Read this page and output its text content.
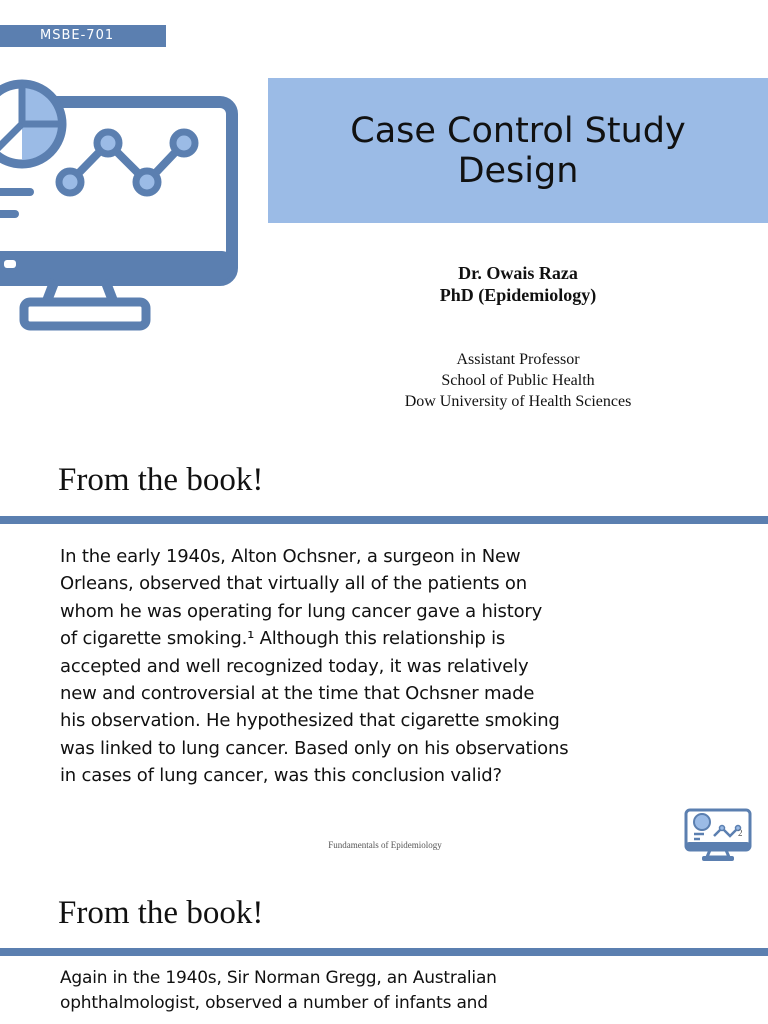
MSBE-701
Case Control Study
Design
Dr. Owais Raza
PhD (Epidemiology)
Assistant Professor
School of Public Health
Dow University of Health Sciences
From the book!
In the early 1940s, Alton Ochsner, a surgeon in New
Orleans, observed that virtually all of the patients on
whom he was operating for lung cancer gave a history
of cigarette smoking.¹ Although this relationship is
accepted and well recognized today, it was relatively
new and controversial at the time that Ochsner made
his observation. He hypothesized that cigarette smoking
was linked to lung cancer. Based only on his observations
in cases of lung cancer, was this conclusion valid?
Fundamentals of Epidemiology
2
From the book!
Again in the 1940s, Sir Norman Gregg, an Australian
ophthalmologist, observed a number of infants and
